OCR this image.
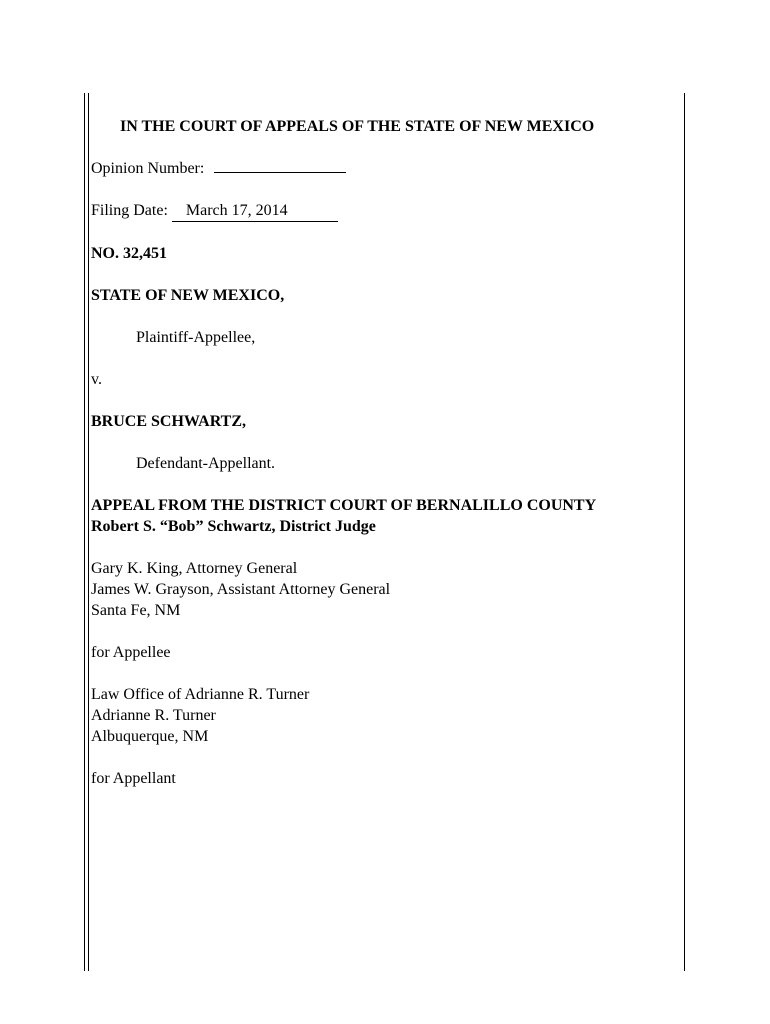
IN THE COURT OF APPEALS OF THE STATE OF NEW MEXICO
Opinion Number:
Filing Date: March 17, 2014
NO. 32,451
STATE OF NEW MEXICO,
Plaintiff-Appellee,
v.
BRUCE SCHWARTZ,
Defendant-Appellant.
APPEAL FROM THE DISTRICT COURT OF BERNALILLO COUNTY
Robert S. “Bob” Schwartz, District Judge
Gary K. King, Attorney General
James W. Grayson, Assistant Attorney General
Santa Fe, NM
for Appellee
Law Office of Adrianne R. Turner
Adrianne R. Turner
Albuquerque, NM
for Appellant
